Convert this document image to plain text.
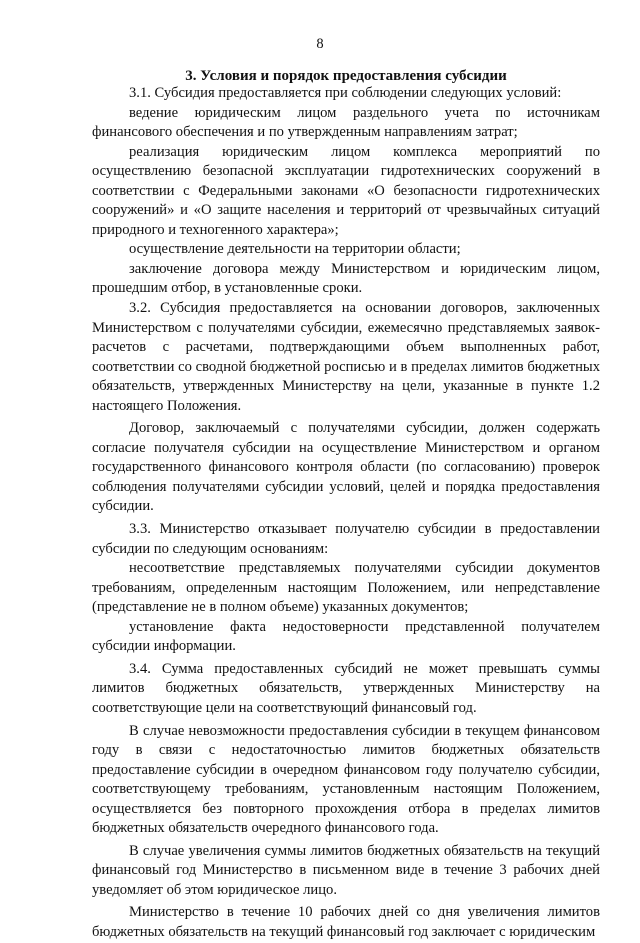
8
3. Условия и порядок предоставления субсидии

3.1. Субсидия предоставляется при соблюдении следующих условий:

ведение юридическим лицом раздельного учета по источникам финансового обеспечения и по утвержденным направлениям затрат;

реализация юридическим лицом комплекса мероприятий по осуществлению безопасной эксплуатации гидротехнических сооружений в соответствии с Федеральными законами «О безопасности гидротехнических сооружений» и «О защите населения и территорий от чрезвычайных ситуаций природного и техногенного характера»;

осуществление деятельности на территории области;

заключение договора между Министерством и юридическим лицом, прошедшим отбор, в установленные сроки.

3.2. Субсидия предоставляется на основании договоров, заключенных Министерством с получателями субсидии, ежемесячно представляемых заявок-расчетов с расчетами, подтверждающими объем выполненных работ, соответствии со сводной бюджетной росписью и в пределах лимитов бюджетных обязательств, утвержденных Министерству на цели, указанные в пункте 1.2 настоящего Положения.

Договор, заключаемый с получателями субсидии, должен содержать согласие получателя субсидии на осуществление Министерством и органом государственного финансового контроля области (по согласованию) проверок соблюдения получателями субсидии условий, целей и порядка предоставления субсидии.

3.3. Министерство отказывает получателю субсидии в предоставлении субсидии по следующим основаниям:

несоответствие представляемых получателями субсидии документов требованиям, определенным настоящим Положением, или непредставление (представление не в полном объеме) указанных документов;

установление факта недостоверности представленной получателем субсидии информации.

3.4. Сумма предоставленных субсидий не может превышать суммы лимитов бюджетных обязательств, утвержденных Министерству на соответствующие цели на соответствующий финансовый год.

В случае невозможности предоставления субсидии в текущем финансовом году в связи с недостаточностью лимитов бюджетных обязательств предоставление субсидии в очередном финансовом году получателю субсидии, соответствующему требованиям, установленным настоящим Положением, осуществляется без повторного прохождения отбора в пределах лимитов бюджетных обязательств очередного финансового года.

В случае увеличения суммы лимитов бюджетных обязательств на текущий финансовый год Министерство в письменном виде в течение 3 рабочих дней уведомляет об этом юридическое лицо.

Министерство в течение 10 рабочих дней со дня увеличения лимитов бюджетных обязательств на текущий финансовый год заключает с юридическим
